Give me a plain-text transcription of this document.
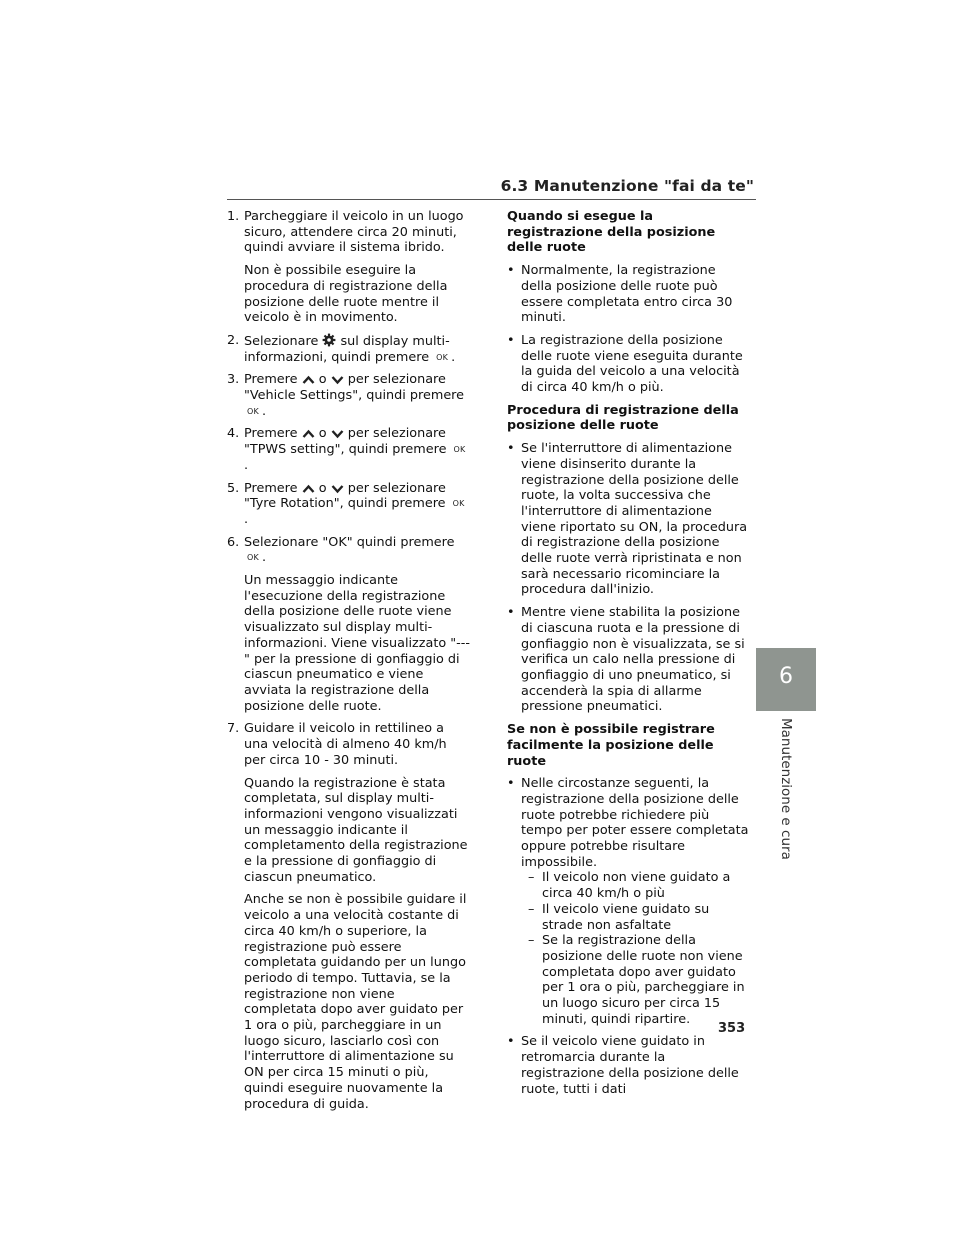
6.3 Manutenzione "fai da te"
6
Manutenzione e cura
1. Parcheggiare il veicolo in un luogo sicuro, attendere circa 20 minuti, quindi avviare il sistema ibrido.
Non è possibile eseguire la procedura di registrazione della posizione delle ruote mentre il veicolo è in movimento.
2. Selezionare sul display multi-informazioni, quindi premere OK .
3. Premere o per selezionare "Vehicle Settings", quindi premere OK .
4. Premere o per selezionare "TPWS setting", quindi premere OK.
5. Premere o per selezionare "Tyre Rotation", quindi premere OK.
6. Selezionare "OK" quindi premere OK .
Un messaggio indicante l'esecuzione della registrazione della posizione delle ruote viene visualizzato sul display multi-informazioni. Viene visualizzato "---" per la pressione di gonfiaggio di ciascun pneumatico e viene avviata la registrazione della posizione delle ruote.
7. Guidare il veicolo in rettilineo a una velocità di almeno 40 km/h per circa 10 - 30 minuti.
Quando la registrazione è stata completata, sul display multi-informazioni vengono visualizzati un messaggio indicante il completamento della registrazione e la pressione di gonfiaggio di ciascun pneumatico.
Anche se non è possibile guidare il veicolo a una velocità costante di circa 40 km/h o superiore, la registrazione può essere completata guidando per un lungo periodo di tempo. Tuttavia, se la registrazione non viene completata dopo aver guidato per 1 ora o più, parcheggiare in un luogo sicuro, lasciarlo così con l'interruttore di alimentazione su ON per circa 15 minuti o più, quindi eseguire nuovamente la procedura di guida.
Quando si esegue la registrazione della posizione delle ruote
• Normalmente, la registrazione della posizione delle ruote può essere completata entro circa 30 minuti.
• La registrazione della posizione delle ruote viene eseguita durante la guida del veicolo a una velocità di circa 40 km/h o più.
Procedura di registrazione della posizione delle ruote
• Se l'interruttore di alimentazione viene disinserito durante la registrazione della posizione delle ruote, la volta successiva che l'interruttore di alimentazione viene riportato su ON, la procedura di registrazione della posizione delle ruote verrà ripristinata e non sarà necessario ricominciare la procedura dall'inizio.
• Mentre viene stabilita la posizione di ciascuna ruota e la pressione di gonfiaggio non è visualizzata, se si verifica un calo nella pressione di gonfiaggio di uno pneumatico, si accenderà la spia di allarme pressione pneumatici.
Se non è possibile registrare facilmente la posizione delle ruote
• Nelle circostanze seguenti, la registrazione della posizione delle ruote potrebbe richiedere più tempo per poter essere completata oppure potrebbe risultare impossibile.
– Il veicolo non viene guidato a circa 40 km/h o più
– Il veicolo viene guidato su strade non asfaltate
– Se la registrazione della posizione delle ruote non viene completata dopo aver guidato per 1 ora o più, parcheggiare in un luogo sicuro per circa 15 minuti, quindi ripartire.
• Se il veicolo viene guidato in retromarcia durante la registrazione della posizione delle ruote, tutti i dati
353
